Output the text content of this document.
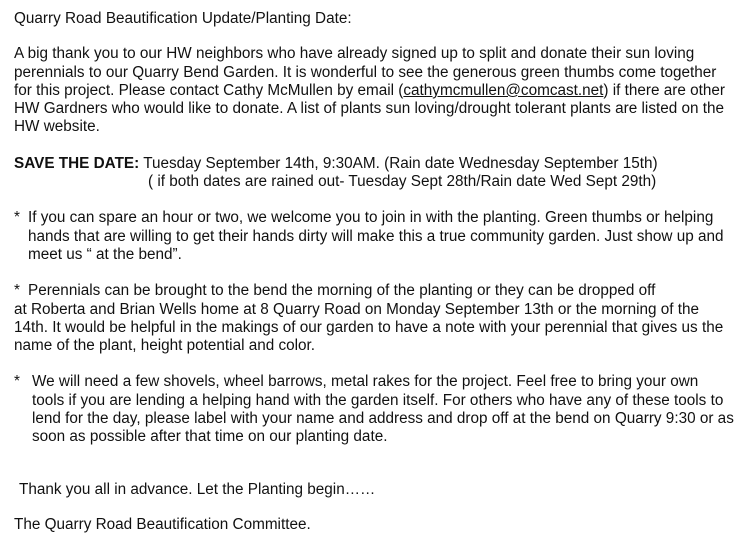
Quarry Road Beautification Update/Planting Date:

A big thank you to our HW neighbors who have already signed up to split and donate their sun loving perennials to our Quarry Bend Garden. It is wonderful to see the generous green thumbs come together for this project. Please contact Cathy McMullen by email (cathymcmullen@comcast.net) if there are other HW Gardners who would like to donate. A list of plants sun loving/drought tolerant plants are listed on the HW website.

SAVE THE DATE: Tuesday September 14th, 9:30AM. (Rain date Wednesday September 15th)

( if both dates are rained out- Tuesday Sept 28th/Rain date Wed Sept 29th)

* If you can spare an hour or two, we welcome you to join in with the planting. Green thumbs or helping hands that are willing to get their hands dirty will make this a true community garden. Just show up and meet us “ at the bend”.
* Perennials can be brought to the bend the morning of the planting or they can be dropped off
at Roberta and Brian Wells home at 8 Quarry Road on Monday September 13th or the morning of the 14th. It would be helpful in the makings of our garden to have a note with your perennial that gives us the name of the plant, height potential and color.
* We will need a few shovels, wheel barrows, metal rakes for the project. Feel free to bring your own tools if you are lending a helping hand with the garden itself. For others who have any of these tools to lend for the day, please label with your name and address and drop off at the bend on Quarry 9:30 or as soon as possible after that time on our planting date.

Thank you all in advance. Let the Planting begin……

The Quarry Road Beautification Committee.
